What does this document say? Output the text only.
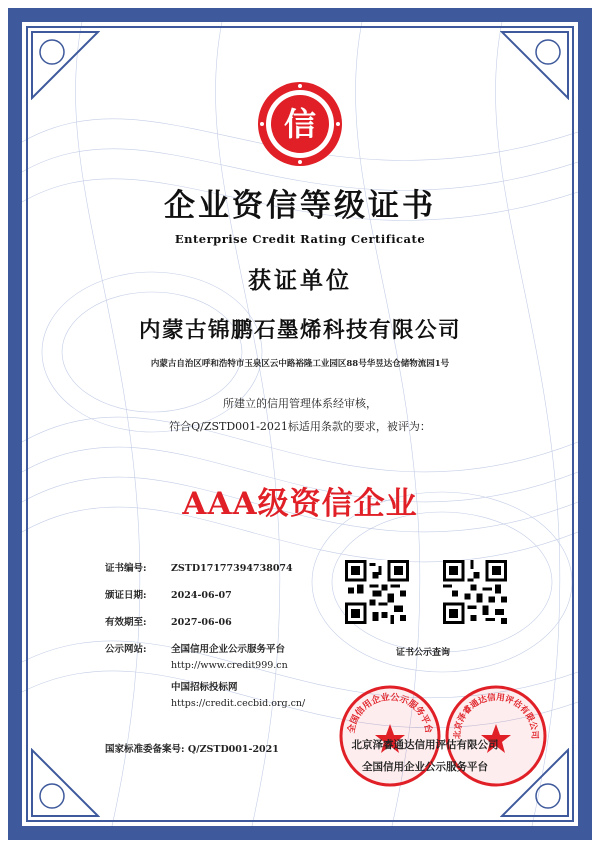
信
企业资信等级证书
Enterprise Credit Rating Certificate
获证单位
内蒙古锦鹏石墨烯科技有限公司
内蒙古自治区呼和浩特市玉泉区云中路裕隆工业园区88号华昱达仓储物流园1号
所建立的信用管理体系经审核，
符合Q/ZSTD001-2021标适用条款的要求，被评为：
AAA级资信企业
证书编号:	ZSTD17177394738074
颁证日期:	2024-06-07
有效期至:	2027-06-06
公示网站:	全国信用企业公示服务平台
http://www.credit999.cn
中国招标投标网
https://credit.cecbid.org.cn/
国家标准委备案号: Q/ZSTD001-2021
证书公示查询
全国信用企业公示服务平台
北京泽睿通达信用评估有限公司
北京泽睿通达信用评估有限公司
全国信用企业公示服务平台
